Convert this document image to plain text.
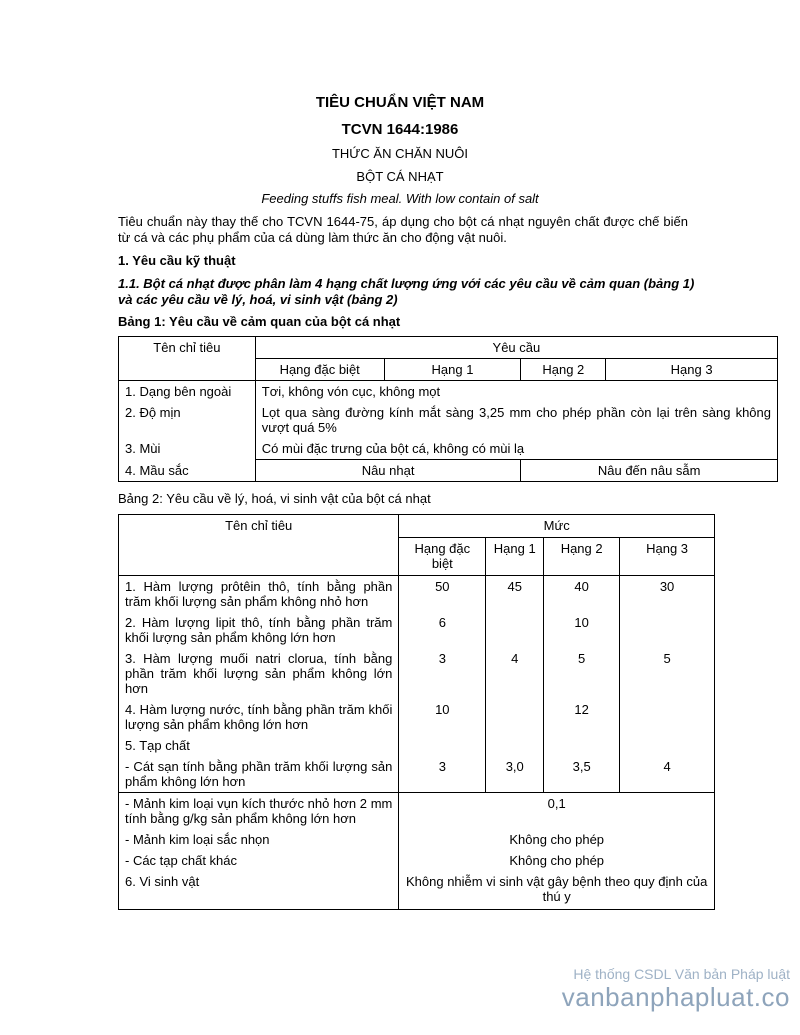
TIÊU CHUẨN VIỆT NAM
TCVN 1644:1986
THỨC ĂN CHĂN NUÔI
BỘT CÁ NHẠT
Feeding stuffs fish meal. With low contain of salt
Tiêu chuẩn này thay thế cho TCVN 1644-75, áp dụng cho bột cá nhạt nguyên chất được chế biến từ cá và các phụ phẩm của cá dùng làm thức ăn cho động vật nuôi.
1. Yêu cầu kỹ thuật
1.1. Bột cá nhạt được phân làm 4 hạng chất lượng ứng với các yêu cầu về cảm quan (bảng 1) và các yêu cầu về lý, hoá, vi sinh vật (bảng 2)
Bảng 1: Yêu cầu về cảm quan của bột cá nhạt
Tên chỉ tiêu	Yêu cầu			
	Hạng đặc biệt	Hạng 1	Hạng 2	Hạng 3
1. Dạng bên ngoài	Tơi, không vón cục, không mọt			
2. Độ mịn	Lọt qua sàng đường kính mắt sàng 3,25 mm cho phép phần còn lại trên sàng không vượt quá 5%			
3. Mùi	Có mùi đặc trưng của bột cá, không có mùi lạ			
4. Mầu sắc	Nâu nhạt		Nâu đến nâu sẫm	
Bảng 2: Yêu cầu về lý, hoá, vi sinh vật của bột cá nhạt
Tên chỉ tiêu	Mức			
	Hạng đặc biệt	Hạng 1	Hạng 2	Hạng 3
1. Hàm lượng prôtêin thô, tính bằng phần trăm khối lượng sản phẩm không nhỏ hơn	50	45	40	30
2. Hàm lượng lipit thô, tính bằng phần trăm khối lượng sản phẩm không lớn hơn	6		10	
3. Hàm lượng muối natri clorua, tính bằng phần trăm khối lượng sản phẩm không lớn hơn	3	4	5	5
4. Hàm lượng nước, tính bằng phần trăm khối lượng sản phẩm không lớn hơn	10		12	
5. Tạp chất				
- Cát sạn tính bằng phần trăm khối lượng sản phẩm không lớn hơn	3	3,0	3,5	4
- Mảnh kim loại vụn kích thước nhỏ hơn 2 mm tính bằng g/kg sản phẩm không lớn hơn	0,1			
- Mảnh kim loại sắc nhọn	Không cho phép			
- Các tạp chất khác	Không cho phép			
6. Vi sinh vật	Không nhiễm vi sinh vật gây bệnh theo quy định của thú y			
Hệ thống CSDL Văn bản Pháp luật
vanbanphapluat.co
